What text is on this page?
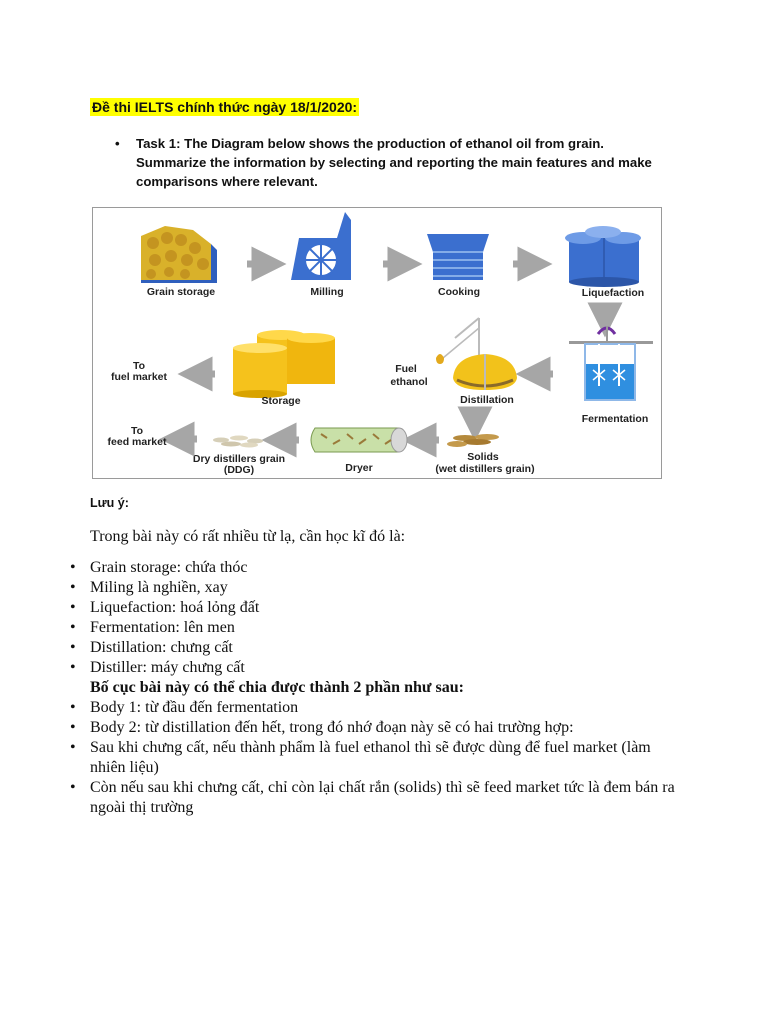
Đề thi IELTS chính thức ngày 18/1/2020:
•	Task 1: The Diagram below shows the production of ethanol oil from grain. Summarize the information by selecting and reporting the main features and make comparisons where relevant.
Grain storage	Milling	Cooking	Liquefaction
Fermentation
Fuel
ethanol
Distillation
Storage
To
fuel market
Solids
(wet distillers grain)
Dryer
Dry distillers grain
(DDG)
To
feed market
Lưu ý:
Trong bài này có rất nhiều từ lạ, cần học kĩ đó là:
• Grain storage: chứa thóc
• Miling là nghiền, xay
• Liquefaction: hoá lỏng đất
• Fermentation: lên men
• Distillation: chưng cất
• Distiller: máy chưng cất
Bố cục bài này có thể chia được thành 2 phần như sau:
• Body 1: từ đầu đến fermentation
• Body 2: từ distillation đến hết, trong đó nhớ đoạn này sẽ có hai trường hợp:
• Sau khi chưng cất, nếu thành phẩm là fuel ethanol thì sẽ được dùng để fuel market (làm nhiên liệu)
• Còn nếu sau khi chưng cất, chỉ còn lại chất rắn (solids) thì sẽ feed market tức là đem bán ra ngoài thị trường
